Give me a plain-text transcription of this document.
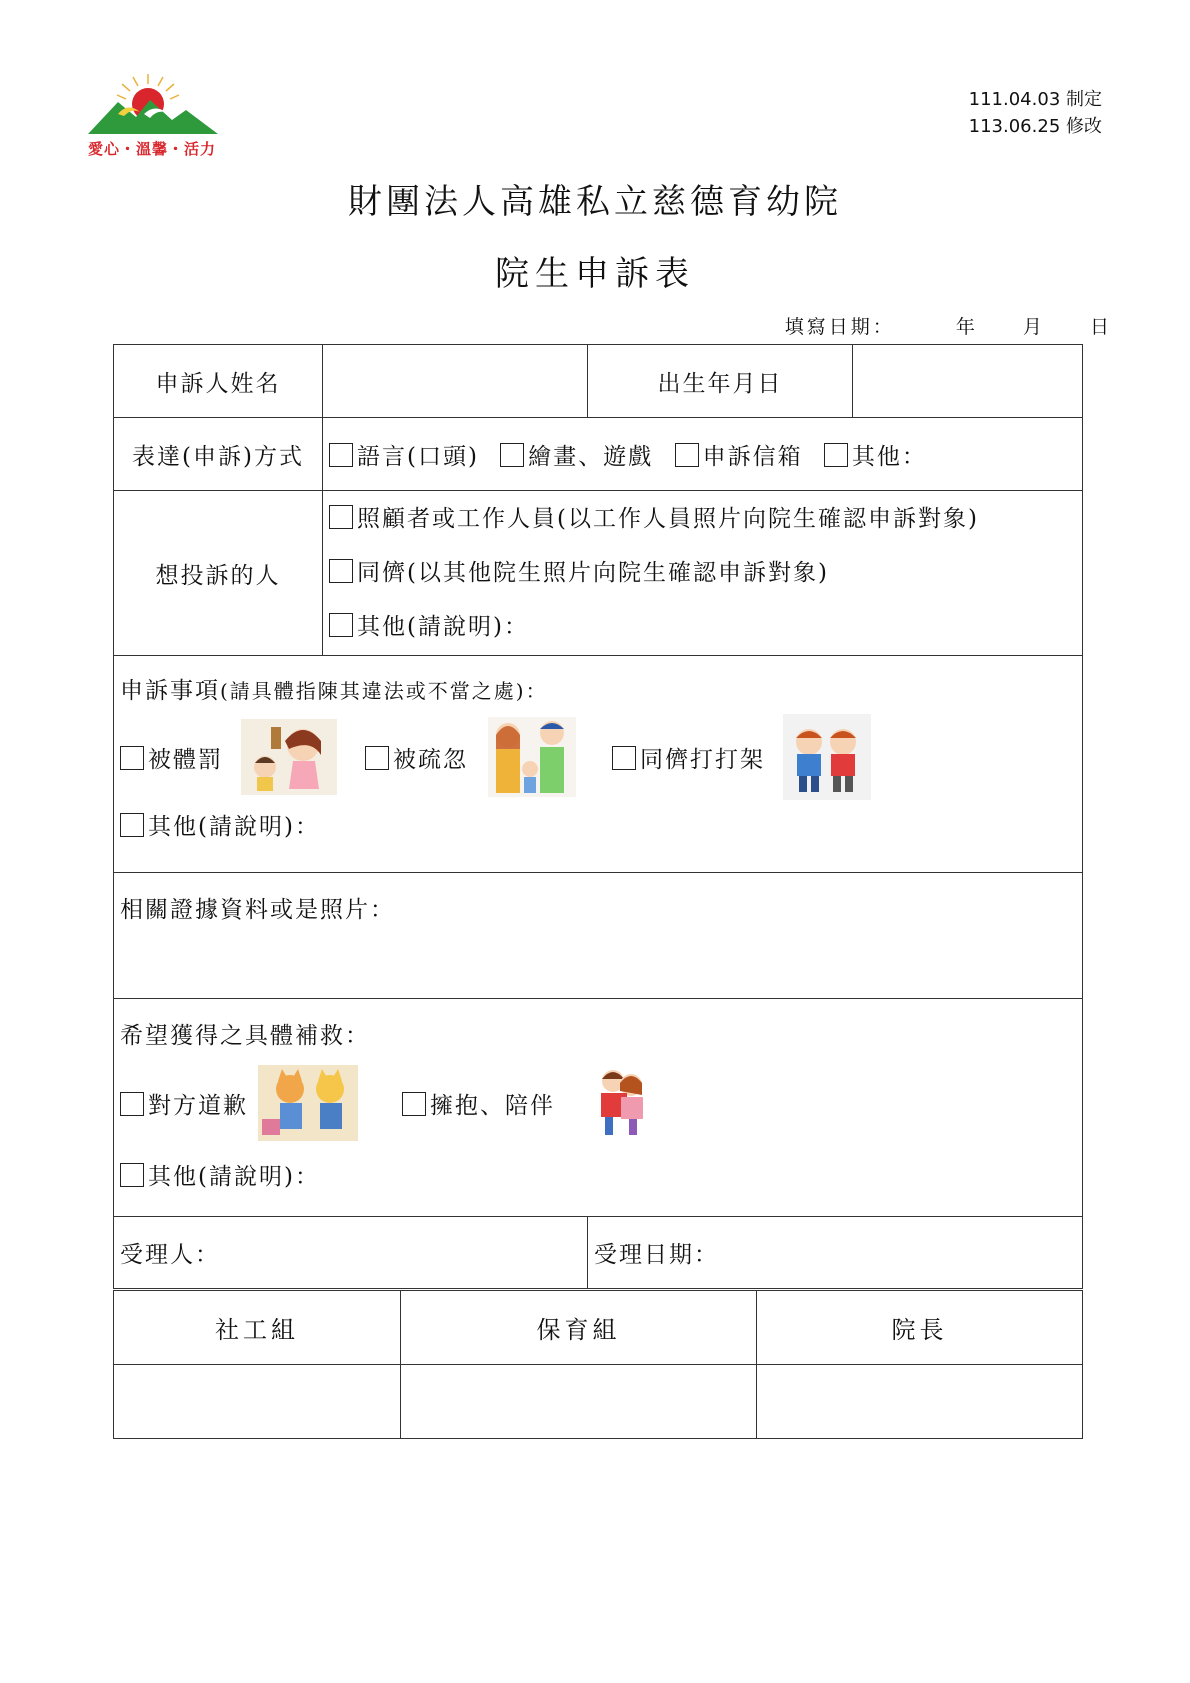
愛心・溫馨・活力
111.04.03 制定
113.06.25 修改
財團法人高雄私立慈德育幼院
院生申訴表
填寫日期：	年 月 日
申訴人姓名		出生年月日	
表達(申訴)方式	語言(口頭) 繪畫、遊戲 申訴信箱 其他：		
想投訴的人	照顧者或工作人員(以工作人員照片向院生確認申訴對象)
同儕(以其他院生照片向院生確認申訴對象)
其他(請說明)：		

申訴事項(請具體指陳其違法或不當之處)：
被體罰 被疏忽 同儕打打架
其他(請說明)：			

相關證據資料或是照片：			

希望獲得之具體補救：
對方道歉 擁抱、陪伴
其他(請說明)：			

受理人：		受理日期：	
社工組	保育組	院長
